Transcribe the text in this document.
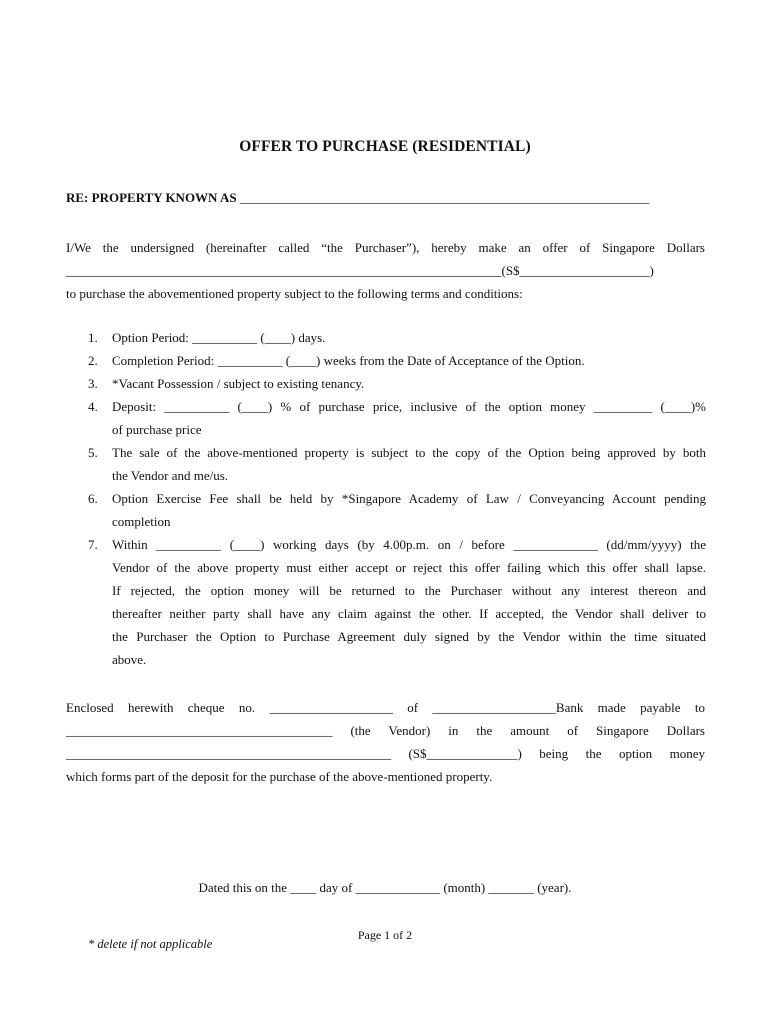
OFFER TO PURCHASE (RESIDENTIAL)
RE: PROPERTY KNOWN AS _______________________________________________________________
I/We the undersigned (hereinafter called “the Purchaser”), hereby make an offer of Singapore Dollars
___________________________________________________________________(S$____________________)
to purchase the abovementioned property subject to the following terms and conditions:
1. Option Period: __________ (____) days.
2. Completion Period: __________ (____) weeks from the Date of Acceptance of the Option.
3. *Vacant Possession / subject to existing tenancy.
4. Deposit: __________ (____) % of purchase price, inclusive of the option money _________ (____)%
of purchase price
5. The sale of the above-mentioned property is subject to the copy of the Option being approved by both
the Vendor and me/us.
6. Option Exercise Fee shall be held by *Singapore Academy of Law / Conveyancing Account pending
completion
7. Within __________ (____) working days (by 4.00p.m. on / before _____________ (dd/mm/yyyy) the
Vendor of the above property must either accept or reject this offer failing which this offer shall lapse.
If rejected, the option money will be returned to the Purchaser without any interest thereon and
thereafter neither party shall have any claim against the other. If accepted, the Vendor shall deliver to
the Purchaser the Option to Purchase Agreement duly signed by the Vendor within the time situated
above.
Enclosed herewith cheque no. ___________________ of ___________________Bank made payable to
_________________________________________ (the Vendor) in the amount of Singapore Dollars
__________________________________________________ (S$______________) being the option money
which forms part of the deposit for the purchase of the above-mentioned property.
Dated this on the ____ day of _____________ (month) _______ (year).
Page 1 of 2
* delete if not applicable
